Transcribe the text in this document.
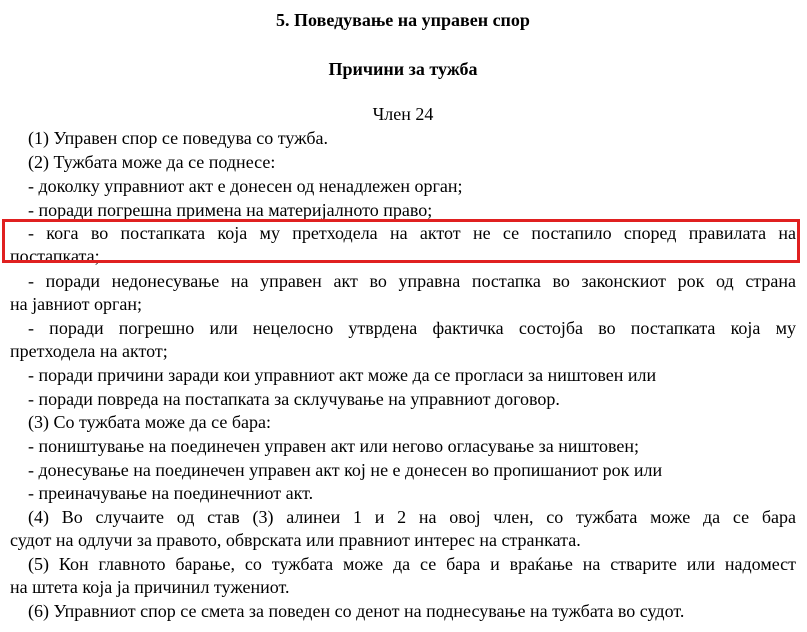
5. Поведување на управен спор
Причини за тужба
Член 24
(1) Управен спор се поведува со тужба.
(2) Тужбата може да се поднесе:
- доколку управниот акт е донесен од ненадлежен орган;
- поради погрешна примена на материјалното право;
- кога во постапката која му претходела на актот не се постапило според правилата на
постапката;
- поради недонесување на управен акт во управна постапка во законскиот рок од страна
на јавниот орган;
- поради погрешно или нецелосно утврдена фактичка состојба во постапката која му
претходела на актот;
- поради причини заради кои управниот акт може да се прогласи за ништовен или
- поради повреда на постапката за склучување на управниот договор.
(3) Со тужбата може да се бара:
- поништување на поединечен управен акт или негово огласување за ништовен;
- донесување на поединечен управен акт кој не е донесен во пропишаниот рок или
- преиначување на поединечниот акт.
(4) Во случаите од став (3) алинеи 1 и 2 на овој член, со тужбата може да се бара
судот на одлучи за правото, обврската или правниот интерес на странката.
(5) Кон главното барање, со тужбата може да се бара и враќање на стварите или надомест
на штета која ја причинил тужениот.
(6) Управниот спор се смета за поведен со денот на поднесување на тужбата во судот.
